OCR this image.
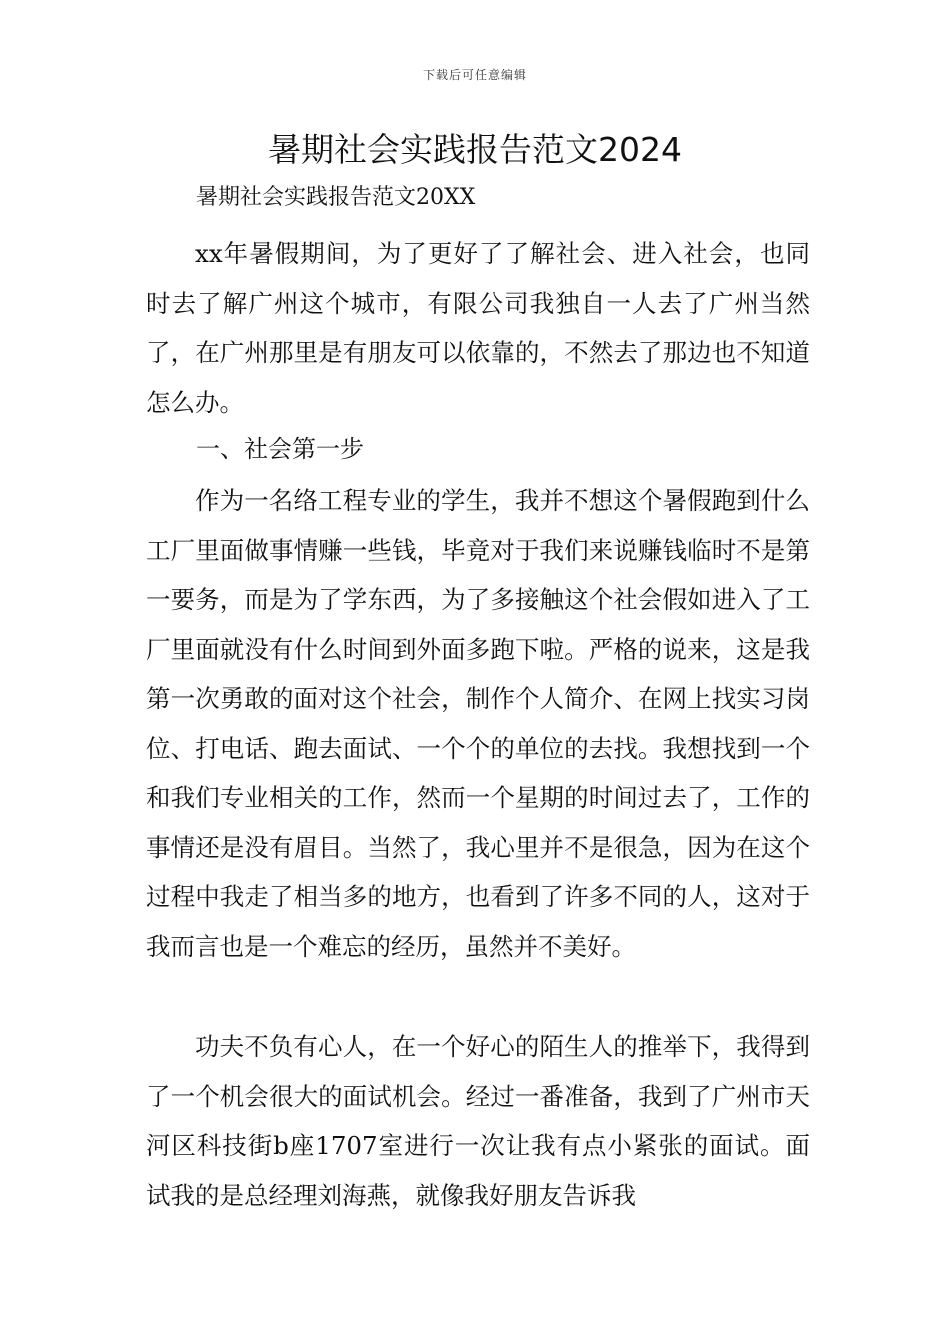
下载后可任意编辑
暑期社会实践报告范文2024
暑期社会实践报告范文20XX

xx年暑假期间，为了更好了了解社会、进入社会，也同时去了解广州这个城市，有限公司我独自一人去了广州当然了，在广州那里是有朋友可以依靠的，不然去了那边也不知道怎么办。

一、社会第一步

作为一名络工程专业的学生，我并不想这个暑假跑到什么工厂里面做事情赚一些钱，毕竟对于我们来说赚钱临时不是第一要务，而是为了学东西，为了多接触这个社会假如进入了工厂里面就没有什么时间到外面多跑下啦。严格的说来，这是我第一次勇敢的面对这个社会，制作个人简介、在网上找实习岗位、打电话、跑去面试、一个个的单位的去找。我想找到一个和我们专业相关的工作，然而一个星期的时间过去了，工作的事情还是没有眉目。当然了，我心里并不是很急，因为在这个过程中我走了相当多的地方，也看到了许多不同的人，这对于我而言也是一个难忘的经历，虽然并不美好。

功夫不负有心人，在一个好心的陌生人的推举下，我得到了一个机会很大的面试机会。经过一番准备，我到了广州市天河区科技街b座1707室进行一次让我有点小紧张的面试。面试我的是总经理刘海燕，就像我好朋友告诉我
